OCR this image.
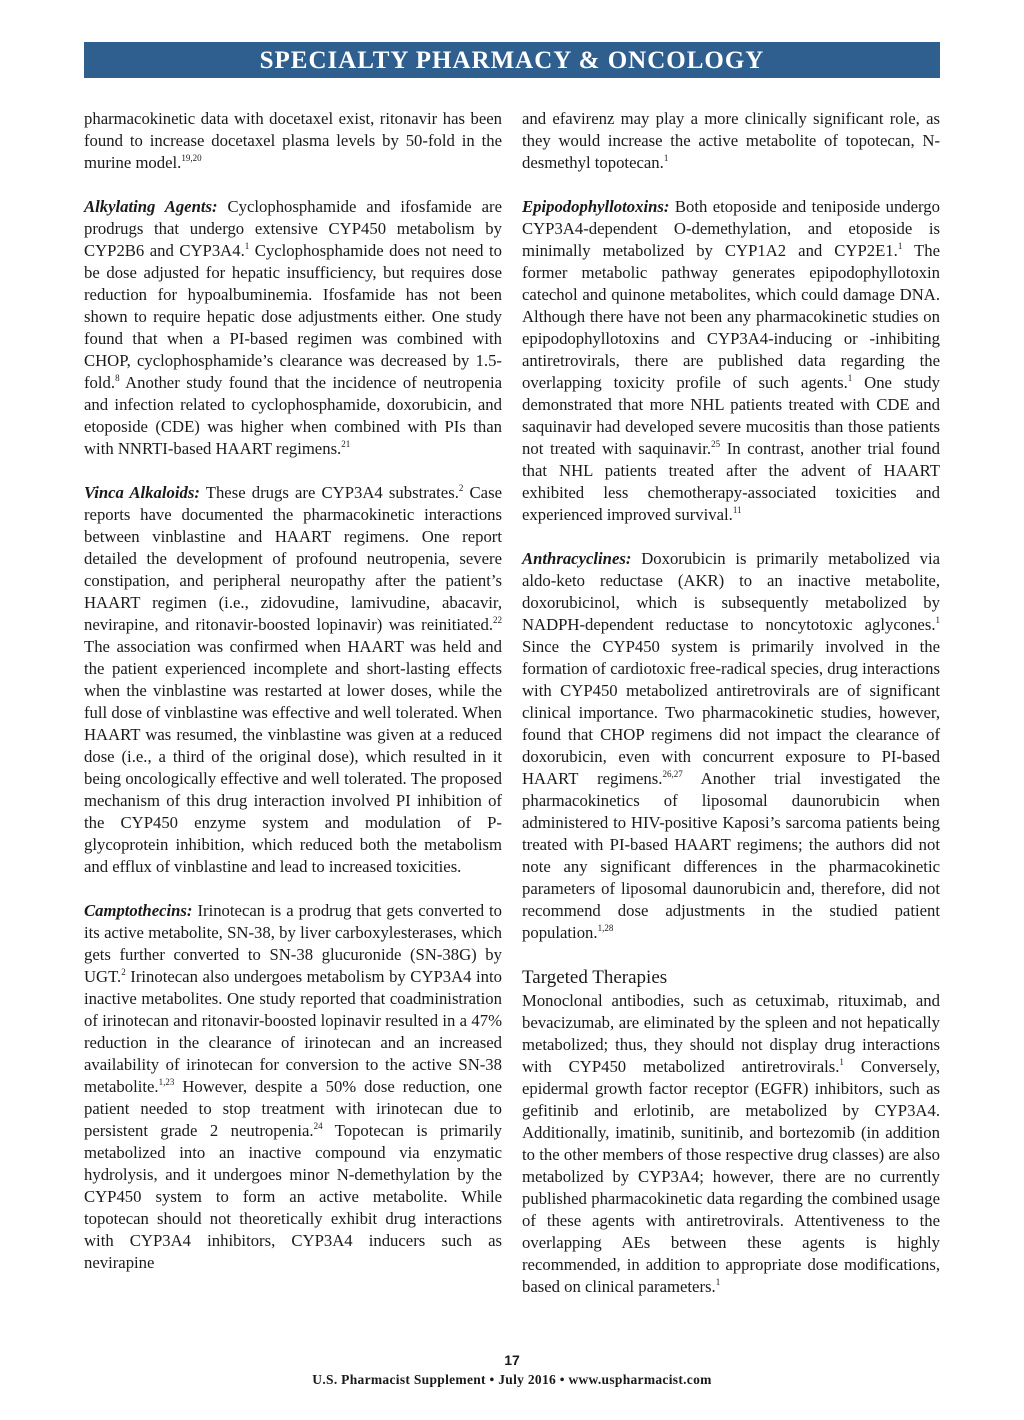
SPECIALTY PHARMACY & ONCOLOGY

pharmacokinetic data with docetaxel exist, ritonavir has been found to increase docetaxel plasma levels by 50-fold in the murine model.$^{19,20}$

Alkylating Agents: Cyclophosphamide and ifosfamide are prodrugs that undergo extensive CYP450 metabolism by CYP2B6 and CYP3A4.$^1$ Cyclophosphamide does not need to be dose adjusted for hepatic insufficiency, but requires dose reduction for hypoalbuminemia. Ifosfamide has not been shown to require hepatic dose adjustments either. One study found that when a PI-based regimen was combined with CHOP, cyclophosphamide’s clearance was decreased by 1.5-fold.$^8$ Another study found that the incidence of neutropenia and infection related to cyclophosphamide, doxorubicin, and etoposide (CDE) was higher when combined with PIs than with NNRTI-based HAART regimens.$^{21}$

Vinca Alkaloids: These drugs are CYP3A4 substrates.$^2$ Case reports have documented the pharmacokinetic interactions between vinblastine and HAART regimens. One report detailed the development of profound neutropenia, severe constipation, and peripheral neuropathy after the patient’s HAART regimen (i.e., zidovudine, lamivudine, abacavir, nevirapine, and ritonavir-boosted lopinavir) was reinitiated.$^{22}$ The association was confirmed when HAART was held and the patient experienced incomplete and short-lasting effects when the vinblastine was restarted at lower doses, while the full dose of vinblastine was effective and well tolerated. When HAART was resumed, the vinblastine was given at a reduced dose (i.e., a third of the original dose), which resulted in it being oncologically effective and well tolerated. The proposed mechanism of this drug interaction involved PI inhibition of the CYP450 enzyme system and modulation of P-glycoprotein inhibition, which reduced both the metabolism and efflux of vinblastine and lead to increased toxicities.

Camptothecins: Irinotecan is a prodrug that gets converted to its active metabolite, SN-38, by liver carboxylesterases, which gets further converted to SN-38 glucuronide (SN-38G) by UGT.$^2$ Irinotecan also undergoes metabolism by CYP3A4 into inactive metabolites. One study reported that coadministration of irinotecan and ritonavir-boosted lopinavir resulted in a 47% reduction in the clearance of irinotecan and an increased availability of irinotecan for conversion to the active SN-38 metabolite.$^{1,23}$ However, despite a 50% dose reduction, one patient needed to stop treatment with irinotecan due to persistent grade 2 neutropenia.$^{24}$ Topotecan is primarily metabolized into an inactive compound via enzymatic hydrolysis, and it undergoes minor N-demethylation by the CYP450 system to form an active metabolite. While topotecan should not theoretically exhibit drug interactions with CYP3A4 inhibitors, CYP3A4 inducers such as nevirapine

and efavirenz may play a more clinically significant role, as they would increase the active metabolite of topotecan, N-desmethyl topotecan.$^1$

Epipodophyllotoxins: Both etoposide and teniposide undergo CYP3A4-dependent O-demethylation, and etoposide is minimally metabolized by CYP1A2 and CYP2E1.$^1$ The former metabolic pathway generates epipodophyllotoxin catechol and quinone metabolites, which could damage DNA. Although there have not been any pharmacokinetic studies on epipodophyllotoxins and CYP3A4-inducing or -inhibiting antiretrovirals, there are published data regarding the overlapping toxicity profile of such agents.$^1$ One study demonstrated that more NHL patients treated with CDE and saquinavir had developed severe mucositis than those patients not treated with saquinavir.$^{25}$ In contrast, another trial found that NHL patients treated after the advent of HAART exhibited less chemotherapy-associated toxicities and experienced improved survival.$^{11}$

Anthracyclines: Doxorubicin is primarily metabolized via aldo-keto reductase (AKR) to an inactive metabolite, doxorubicinol, which is subsequently metabolized by NADPH-dependent reductase to noncytotoxic aglycones.$^1$ Since the CYP450 system is primarily involved in the formation of cardiotoxic free-radical species, drug interactions with CYP450 metabolized antiretrovirals are of significant clinical importance. Two pharmacokinetic studies, however, found that CHOP regimens did not impact the clearance of doxorubicin, even with concurrent exposure to PI-based HAART regimens.$^{26,27}$ Another trial investigated the pharmacokinetics of liposomal daunorubicin when administered to HIV-positive Kaposi’s sarcoma patients being treated with PI-based HAART regimens; the authors did not note any significant differences in the pharmacokinetic parameters of liposomal daunorubicin and, therefore, did not recommend dose adjustments in the studied patient population.$^{1,28}$

Targeted Therapies

Monoclonal antibodies, such as cetuximab, rituximab, and bevacizumab, are eliminated by the spleen and not hepatically metabolized; thus, they should not display drug interactions with CYP450 metabolized antiretrovirals.$^1$ Conversely, epidermal growth factor receptor (EGFR) inhibitors, such as gefitinib and erlotinib, are metabolized by CYP3A4. Additionally, imatinib, sunitinib, and bortezomib (in addition to the other members of those respective drug classes) are also metabolized by CYP3A4; however, there are no currently published pharmacokinetic data regarding the combined usage of these agents with antiretrovirals. Attentiveness to the overlapping AEs between these agents is highly recommended, in addition to appropriate dose modifications, based on clinical parameters.$^1$

17
U.S. Pharmacist Supplement • July 2016 • www.uspharmacist.com
